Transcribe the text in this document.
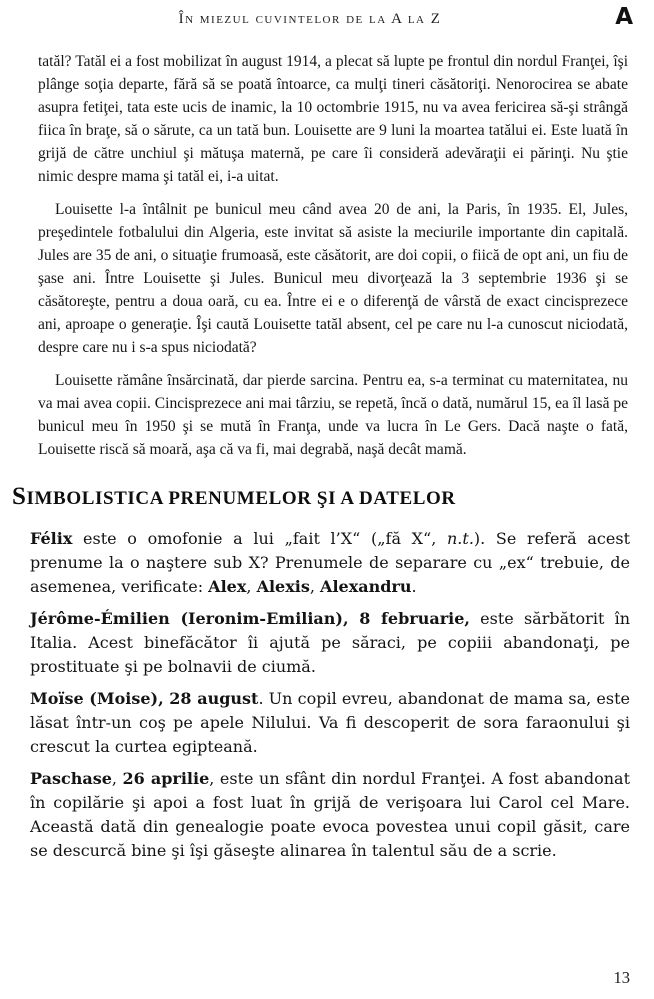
În miezul cuvintelor de la A la Z	A

tatăl? Tatăl ei a fost mobilizat în august 1914, a plecat să lupte pe frontul din nordul Franţei, îşi plânge soţia departe, fără să se poată întoarce, ca mulţi tineri căsătoriţi. Nenorocirea se abate asupra fetiţei, tata este ucis de inamic, la 10 octombrie 1915, nu va avea fericirea să-şi strângă fiica în braţe, să o sărute, ca un tată bun. Louisette are 9 luni la moartea tatălui ei. Este luată în grijă de către unchiul şi mătuşa maternă, pe care îi consideră adevăraţii ei părinţi. Nu ştie nimic despre mama şi tatăl ei, i-a uitat.

Louisette l-a întâlnit pe bunicul meu când avea 20 de ani, la Paris, în 1935. El, Jules, preşedintele fotbalului din Algeria, este invitat să asiste la meciurile importante din capitală. Jules are 35 de ani, o situaţie frumoasă, este căsătorit, are doi copii, o fiică de opt ani, un fiu de şase ani. Între Louisette şi Jules. Bunicul meu divorţează la 3 septembrie 1936 şi se căsătoreşte, pentru a doua oară, cu ea. Între ei e o diferenţă de vârstă de exact cincisprezece ani, aproape o generaţie. Îşi caută Louisette tatăl absent, cel pe care nu l-a cunoscut niciodată, despre care nu i s-a spus niciodată?

Louisette rămâne însărcinată, dar pierde sarcina. Pentru ea, s-a terminat cu maternitatea, nu va mai avea copii. Cincisprezece ani mai târziu, se repetă, încă o dată, numărul 15, ea îl lasă pe bunicul meu în 1950 şi se mută în Franţa, unde va lucra în Le Gers. Dacă naşte o fată, Louisette riscă să moară, aşa că va fi, mai degrabă, naşă decât mamă.

SIMBOLISTICA PRENUMELOR ŞI A DATELOR

Félix este o omofonie a lui „fait l’X“ („fă X“, n.t.). Se referă acest prenume la o naştere sub X? Prenumele de separare cu „ex“ trebuie, de asemenea, verificate: Alex, Alexis, Alexandru.

Jérôme-Émilien (Ieronim-Emilian), 8 februarie, este sărbătorit în Italia. Acest binefăcător îi ajută pe săraci, pe copiii abandonaţi, pe prostituate şi pe bolnavii de ciumă.

Moïse (Moise), 28 august. Un copil evreu, abandonat de mama sa, este lăsat într-un coş pe apele Nilului. Va fi descoperit de sora faraonului şi crescut la curtea egipteană.

Paschase, 26 aprilie, este un sfânt din nordul Franţei. A fost abandonat în copilărie şi apoi a fost luat în grijă de verişoara lui Carol cel Mare. Această dată din genealogie poate evoca povestea unui copil găsit, care se descurcă bine şi îşi găseşte alinarea în talentul său de a scrie.

13
